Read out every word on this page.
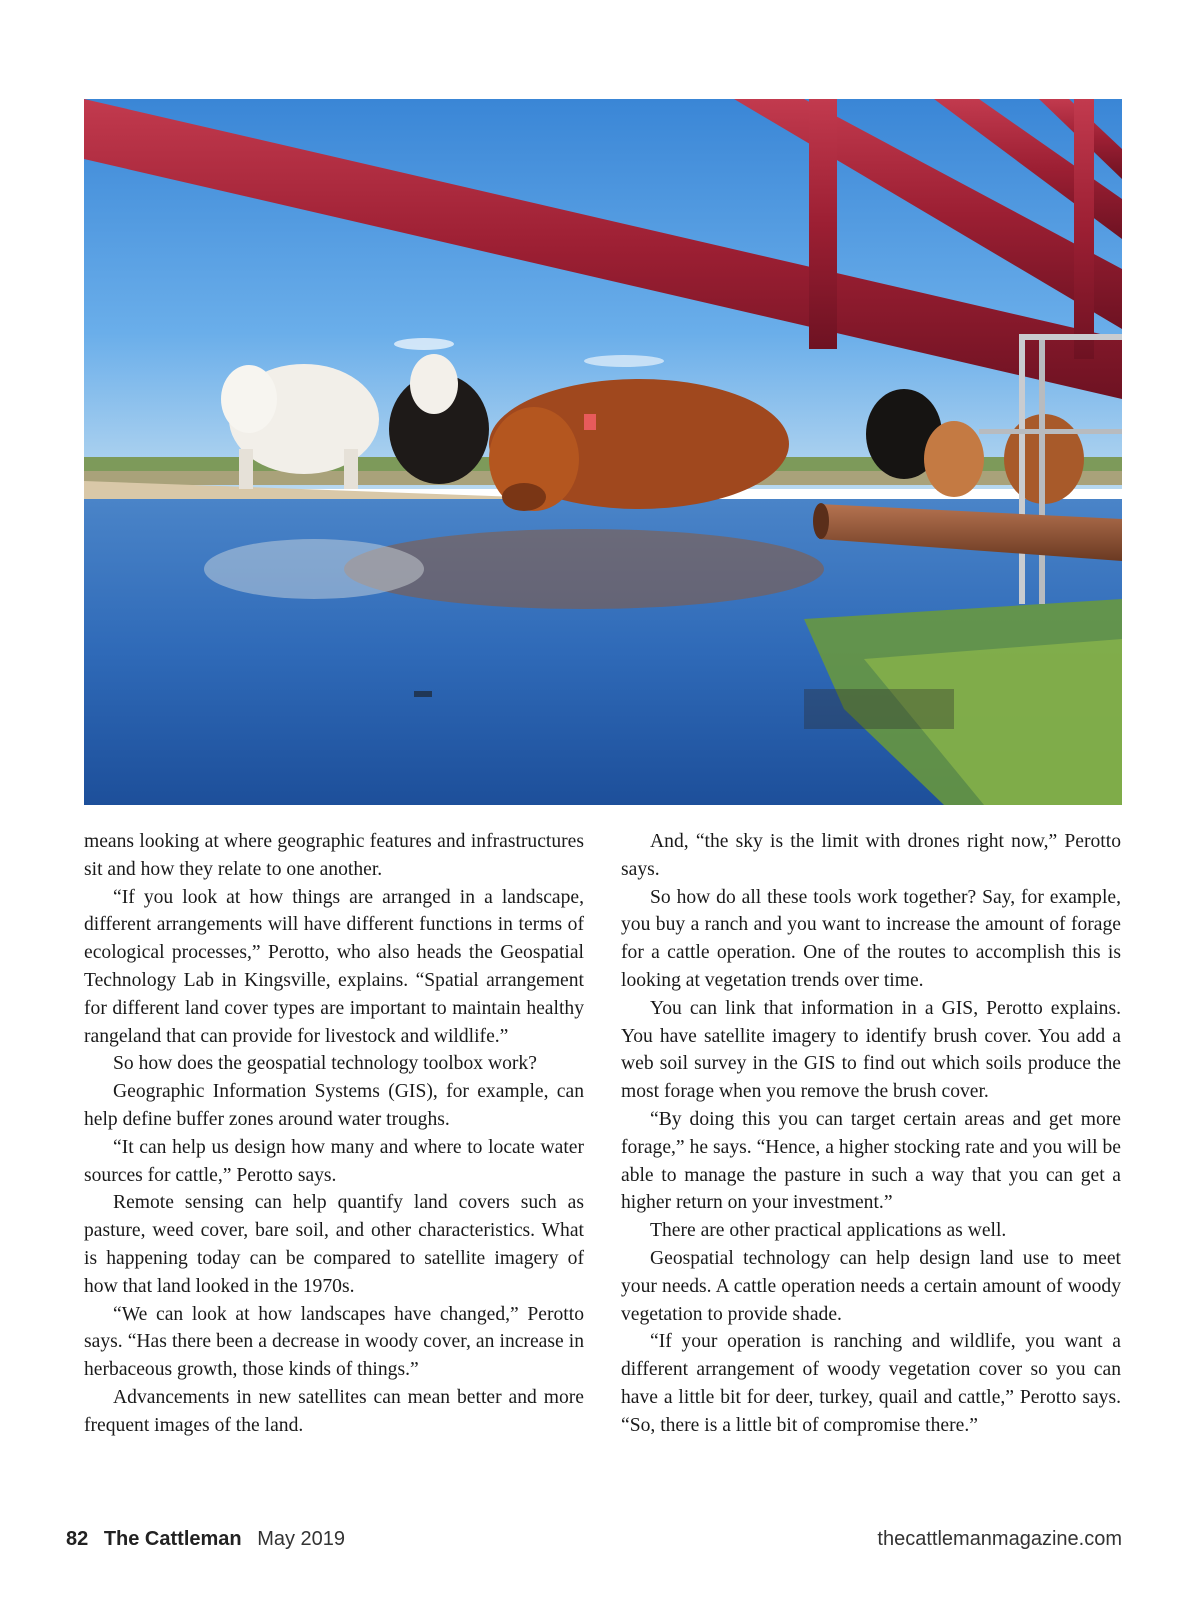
means looking at where geographic features and infrastructures sit and how they relate to one another.

“If you look at how things are arranged in a landscape, different arrangements will have different functions in terms of ecological processes,” Perotto, who also heads the Geospatial Technology Lab in Kingsville, explains. “Spatial arrangement for different land cover types are important to maintain healthy rangeland that can provide for livestock and wildlife.”

So how does the geospatial technology toolbox work?

Geographic Information Systems (GIS), for example, can help define buffer zones around water troughs.

“It can help us design how many and where to locate water sources for cattle,” Perotto says.

Remote sensing can help quantify land covers such as pasture, weed cover, bare soil, and other characteristics. What is happening today can be compared to satellite imagery of how that land looked in the 1970s.

“We can look at how landscapes have changed,” Perotto says. “Has there been a decrease in woody cover, an increase in herbaceous growth, those kinds of things.”

Advancements in new satellites can mean better and more frequent images of the land.

And, “the sky is the limit with drones right now,” Perotto says.

So how do all these tools work together? Say, for example, you buy a ranch and you want to increase the amount of forage for a cattle operation. One of the routes to accomplish this is looking at vegetation trends over time.

You can link that information in a GIS, Perotto explains. You have satellite imagery to identify brush cover. You add a web soil survey in the GIS to find out which soils produce the most forage when you remove the brush cover.

“By doing this you can target certain areas and get more forage,” he says. “Hence, a higher stocking rate and you will be able to manage the pasture in such a way that you can get a higher return on your investment.”

There are other practical applications as well.

Geospatial technology can help design land use to meet your needs. A cattle operation needs a certain amount of woody vegetation to provide shade.

“If your operation is ranching and wildlife, you want a different arrangement of woody vegetation cover so you can have a little bit for deer, turkey, quail and cattle,” Perotto says. “So, there is a little bit of compromise there.”

82 The Cattleman May 2019	thecattlemanmagazine.com
